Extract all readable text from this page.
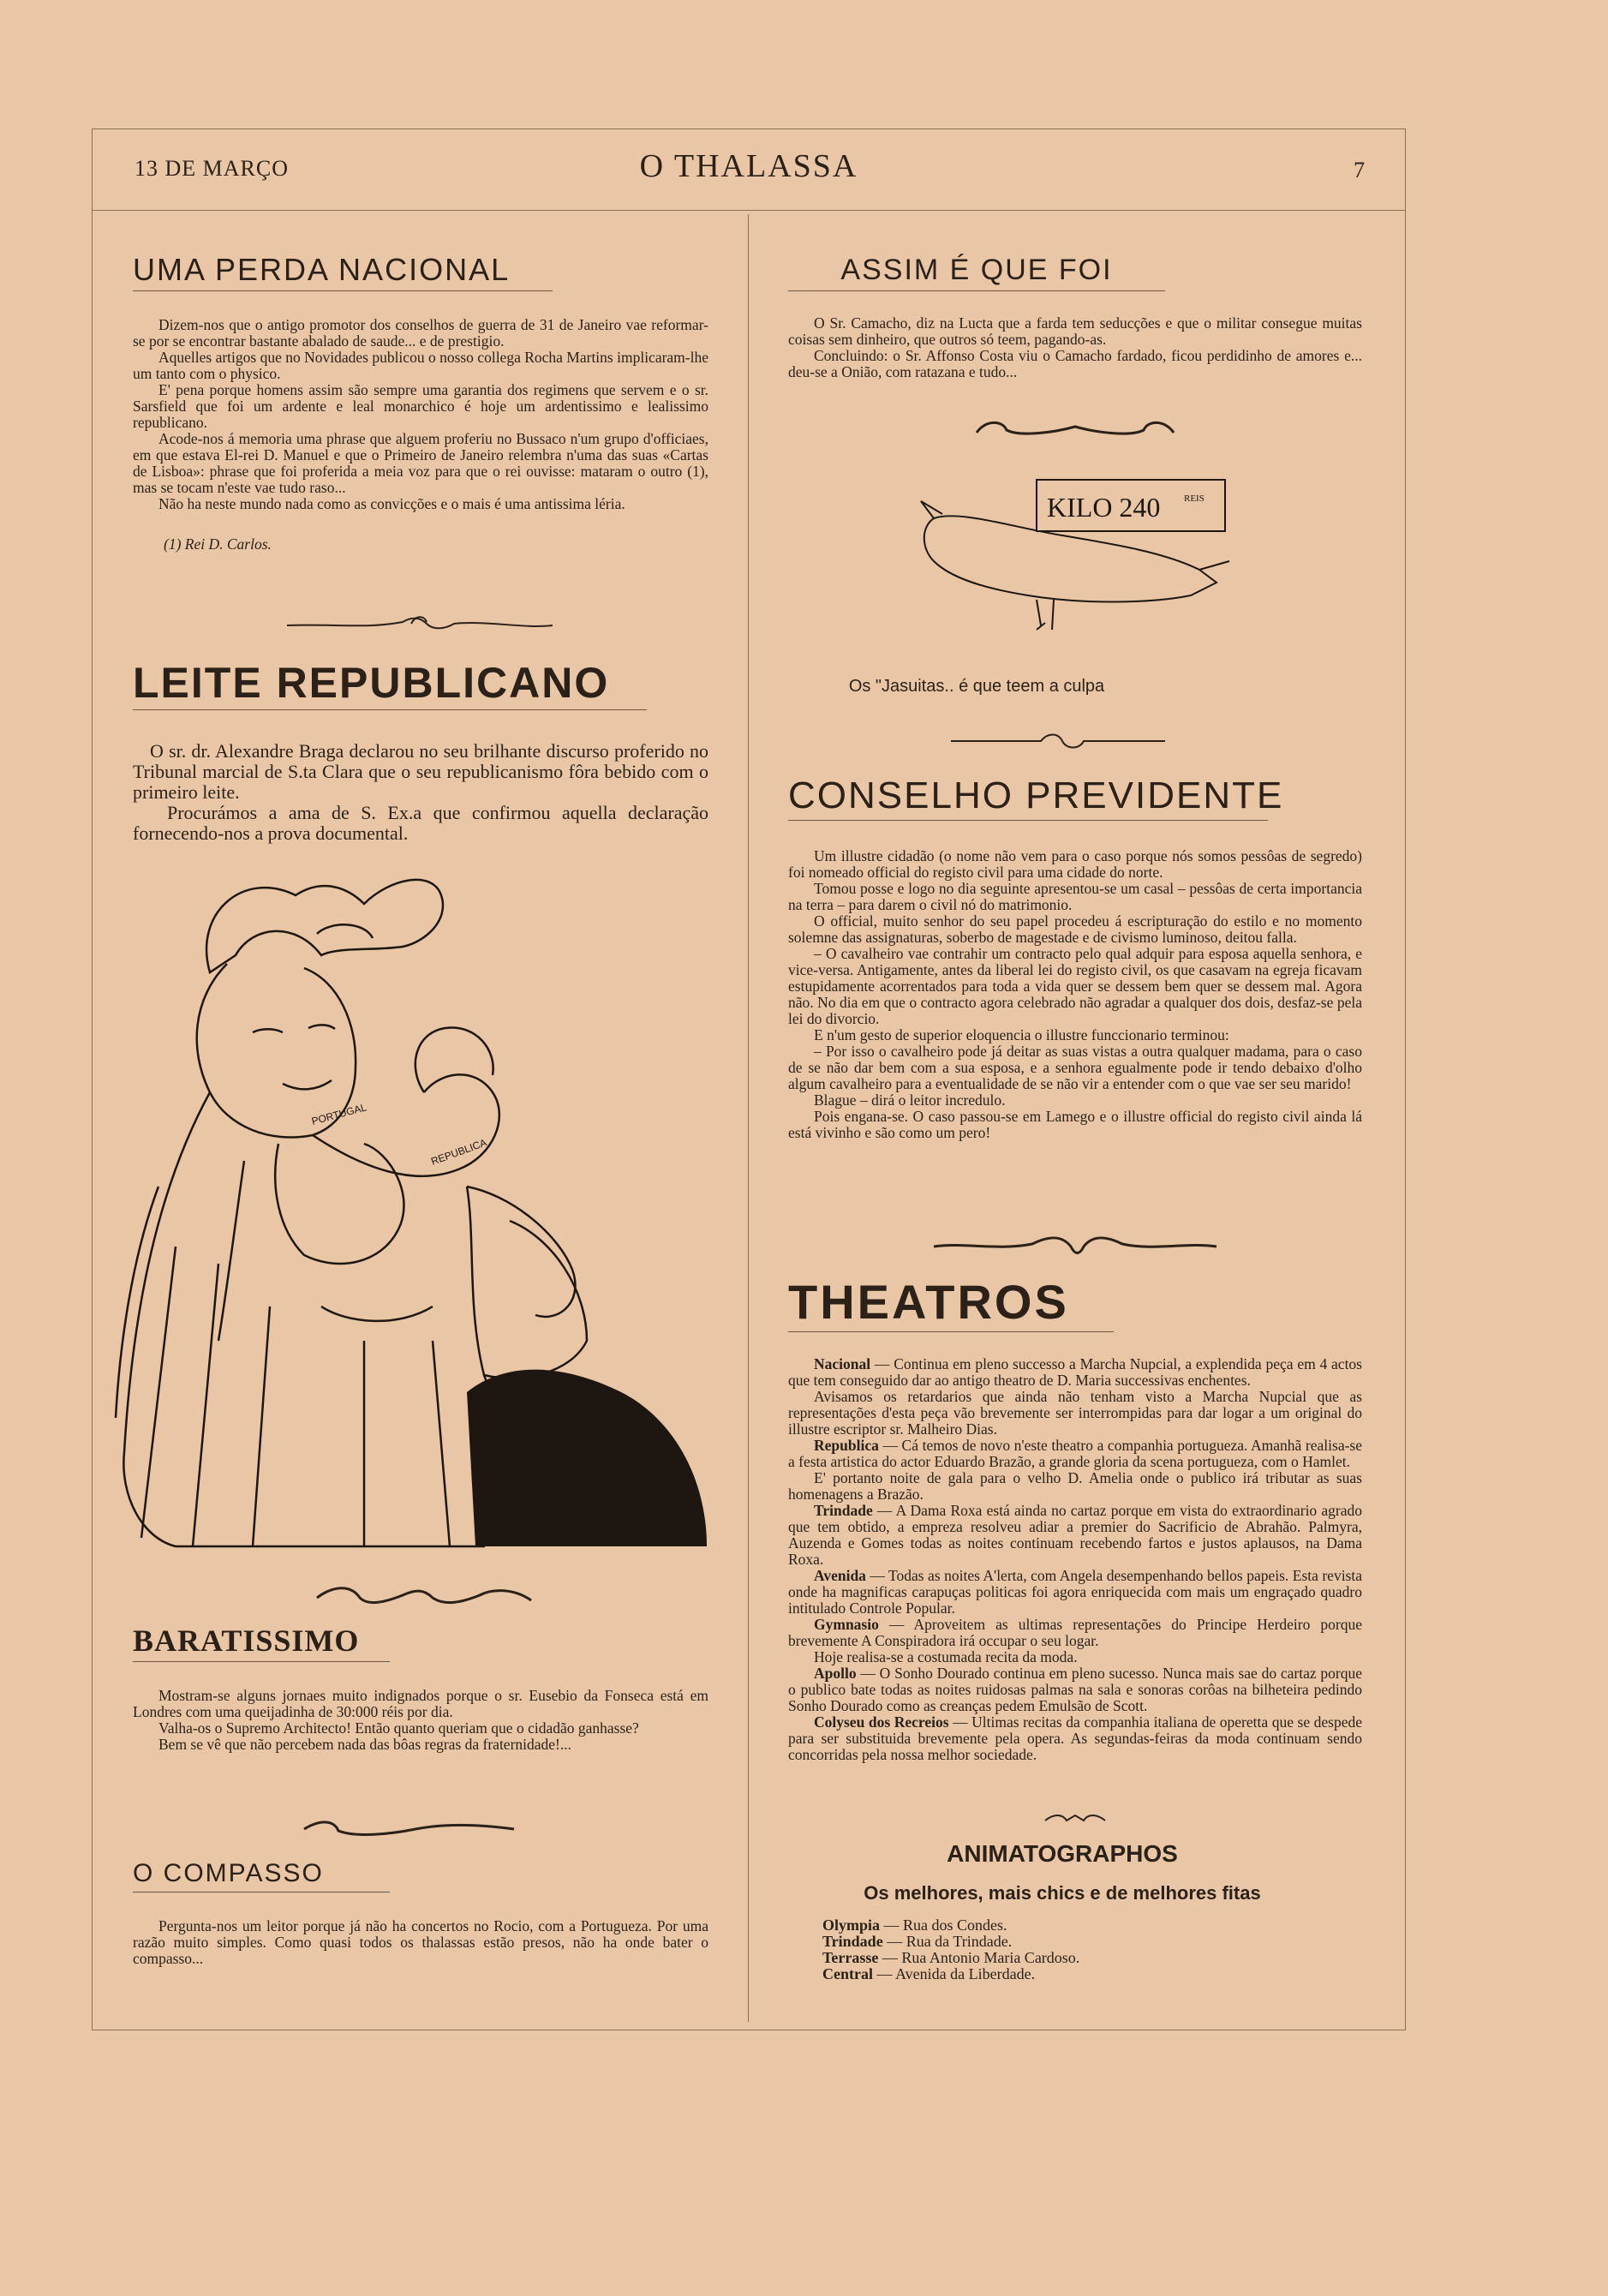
13 DE MARÇO	O THALASSA	7
UMA PERDA NACIONAL

Dizem-nos que o antigo promotor dos conselhos de guerra de 31 de Janeiro vae reformar-se por se encontrar bastante abalado de saude... e de prestigio.

Aquelles artigos que no Novidades publicou o nosso collega Rocha Martins implicaram-lhe um tanto com o physico.

E' pena porque homens assim são sempre uma garantia dos regimens que servem e o sr. Sarsfield que foi um ardente e leal monarchico é hoje um ardentissimo e lealissimo republicano.

Acode-nos á memoria uma phrase que alguem proferiu no Bussaco n'um grupo d'officiaes, em que estava El-rei D. Manuel e que o Primeiro de Janeiro relembra n'uma das suas «Cartas de Lisboa»: phrase que foi proferida a meia voz para que o rei ouvisse: mataram o outro (1), mas se tocam n'este vae tudo raso...

Não ha neste mundo nada como as convicções e o mais é uma antissima léria.

(1) Rei D. Carlos.
LEITE REPUBLICANO

O sr. dr. Alexandre Braga declarou no seu brilhante discurso proferido no Tribunal marcial de S.ta Clara que o seu republicanismo fôra bebido com o primeiro leite.

Procurámos a ama de S. Ex.a que confirmou aquella declaração fornecendo-nos a prova documental.

PORTUGAL
REPUBLICA
J. T.
BARATISSIMO

Mostram-se alguns jornaes muito indignados porque o sr. Eusebio da Fonseca está em Londres com uma queijadinha de 30:000 réis por dia.

Valha-os o Supremo Architecto! Então quanto queriam que o cidadão ganhasse?

Bem se vê que não percebem nada das bôas regras da fraternidade!...

O COMPASSO

Pergunta-nos um leitor porque já não ha concertos no Rocio, com a Portugueza. Por uma razão muito simples. Como quasi todos os thalassas estão presos, não ha onde bater o compasso...

ASSIM É QUE FOI

O Sr. Camacho, diz na Lucta que a farda tem seducções e que o militar consegue muitas coisas sem dinheiro, que outros só teem, pagando-as.

Concluindo: o Sr. Affonso Costa viu o Camacho fardado, ficou perdidinho de amores e... deu-se a Onião, com ratazana e tudo...

KILO 240	REIS
Os "Jasuitas.. é que teem a culpa
CONSELHO PREVIDENTE

Um illustre cidadão (o nome não vem para o caso porque nós somos pessôas de segredo) foi nomeado official do registo civil para uma cidade do norte.

Tomou posse e logo no dia seguinte apresentou-se um casal – pessôas de certa importancia na terra – para darem o civil nó do matrimonio.

O official, muito senhor do seu papel procedeu á escripturação do estilo e no momento solemne das assignaturas, soberbo de magestade e de civismo luminoso, deitou falla.

– O cavalheiro vae contrahir um contracto pelo qual adquir para esposa aquella senhora, e vice-versa. Antigamente, antes da liberal lei do registo civil, os que casavam na egreja ficavam estupidamente acorrentados para toda a vida quer se dessem bem quer se dessem mal. Agora não. No dia em que o contracto agora celebrado não agradar a qualquer dos dois, desfaz-se pela lei do divorcio.

E n'um gesto de superior eloquencia o illustre funccionario terminou:

– Por isso o cavalheiro pode já deitar as suas vistas a outra qualquer madama, para o caso de se não dar bem com a sua esposa, e a senhora egualmente pode ir tendo debaixo d'olho algum cavalheiro para a eventualidade de se não vir a entender com o que vae ser seu marido!

Blague – dirá o leitor incredulo.

Pois engana-se. O caso passou-se em Lamego e o illustre official do registo civil ainda lá está vivinho e são como um pero!

THEATROS

Nacional — Continua em pleno successo a Marcha Nupcial, a explendida peça em 4 actos que tem conseguido dar ao antigo theatro de D. Maria successivas enchentes.

Avisamos os retardarios que ainda não tenham visto a Marcha Nupcial que as representações d'esta peça vão brevemente ser interrompidas para dar logar a um original do illustre escriptor sr. Malheiro Dias.

Republica — Cá temos de novo n'este theatro a companhia portugueza. Amanhã realisa-se a festa artistica do actor Eduardo Brazão, a grande gloria da scena portugueza, com o Hamlet.

E' portanto noite de gala para o velho D. Amelia onde o publico irá tributar as suas homenagens a Brazão.

Trindade — A Dama Roxa está ainda no cartaz porque em vista do extraordinario agrado que tem obtido, a empreza resolveu adiar a premier do Sacrificio de Abrahão. Palmyra, Auzenda e Gomes todas as noites continuam recebendo fartos e justos aplausos, na Dama Roxa.

Avenida — Todas as noites A'lerta, com Angela desempenhando bellos papeis. Esta revista onde ha magnificas carapuças politicas foi agora enriquecida com mais um engraçado quadro intitulado Controle Popular.

Gymnasio — Aproveitem as ultimas representações do Principe Herdeiro porque brevemente A Conspiradora irá occupar o seu logar.

Hoje realisa-se a costumada recita da moda.

Apollo — O Sonho Dourado continua em pleno sucesso. Nunca mais sae do cartaz porque o publico bate todas as noites ruidosas palmas na sala e sonoras corôas na bilheteira pedindo Sonho Dourado como as creanças pedem Emulsão de Scott.

Colyseu dos Recreios — Ultimas recitas da companhia italiana de operetta que se despede para ser substituida brevemente pela opera. As segundas-feiras da moda continuam sendo concorridas pela nossa melhor sociedade.

ANIMATOGRAPHOS
Os melhores, mais chics e de melhores fitas
Olympia — Rua dos Condes.
Trindade — Rua da Trindade.
Terrasse — Rua Antonio Maria Cardoso.
Central — Avenida da Liberdade.
